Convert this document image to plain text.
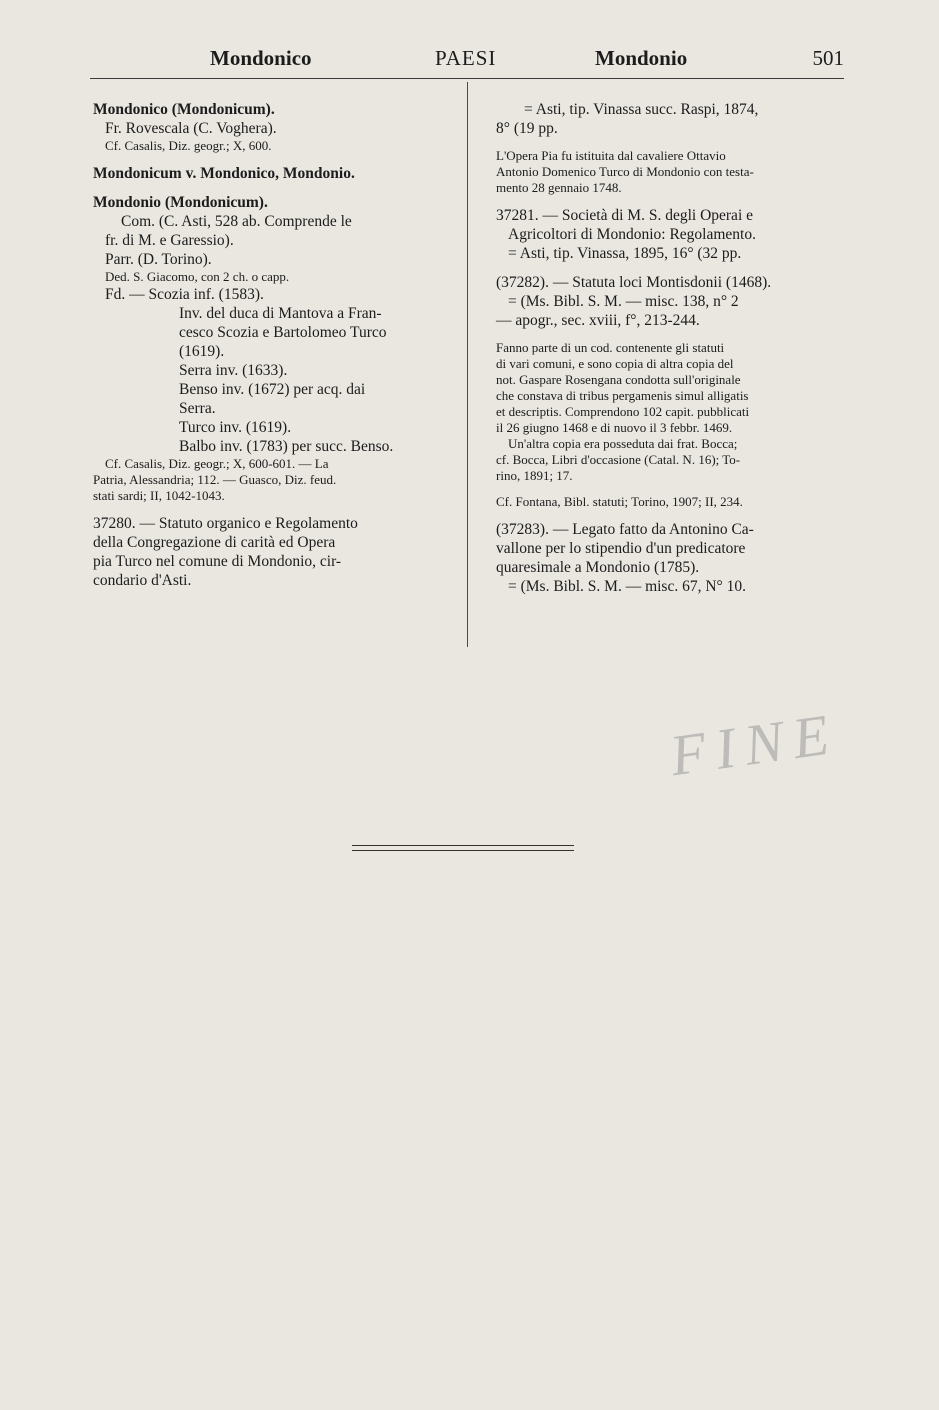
Mondonico	PAESI	Mondonio	501
Mondonico (Mondonicum).
Fr. Rovescala (C. Voghera).
Cf. Casalis, Diz. geogr.; X, 600.
Mondonicum v. Mondonico, Mondonio.
Mondonio (Mondonicum).
Com. (C. Asti, 528 ab. Comprende le
fr. di M. e Garessio).
Parr. (D. Torino).
Ded. S. Giacomo, con 2 ch. o capp.
Fd. — Scozia inf. (1583).
Inv. del duca di Mantova a Fran-
cesco Scozia e Bartolomeo Turco
(1619).
Serra inv. (1633).
Benso inv. (1672) per acq. dai
Serra.
Turco inv. (1619).
Balbo inv. (1783) per succ. Benso.
Cf. Casalis, Diz. geogr.; X, 600-601. — La
Patria, Alessandria; 112. — Guasco, Diz. feud.
stati sardi; II, 1042-1043.
37280. — Statuto organico e Regolamento
della Congregazione di carità ed Opera
pia Turco nel comune di Mondonio, cir-
condario d'Asti.
= Asti, tip. Vinassa succ. Raspi, 1874,
8° (19 pp.
L'Opera Pia fu istituita dal cavaliere Ottavio
Antonio Domenico Turco di Mondonio con testa-
mento 28 gennaio 1748.
37281. — Società di M. S. degli Operai e
Agricoltori di Mondonio: Regolamento.
= Asti, tip. Vinassa, 1895, 16° (32 pp.
(37282). — Statuta loci Montisdonii (1468).
= (Ms. Bibl. S. M. — misc. 138, n° 2
— apogr., sec. xviii, f°, 213-244.
Fanno parte di un cod. contenente gli statuti
di vari comuni, e sono copia di altra copia del
not. Gaspare Rosengana condotta sull'originale
che constava di tribus pergamenis simul alligatis
et descriptis. Comprendono 102 capit. pubblicati
il 26 giugno 1468 e di nuovo il 3 febbr. 1469.
Un'altra copia era posseduta dai frat. Bocca;
cf. Bocca, Libri d'occasione (Catal. N. 16); To-
rino, 1891; 17.
Cf. Fontana, Bibl. statuti; Torino, 1907; II, 234.
(37283). — Legato fatto da Antonino Ca-
vallone per lo stipendio d'un predicatore
quaresimale a Mondonio (1785).
= (Ms. Bibl. S. M. — misc. 67, N° 10.
FINE
